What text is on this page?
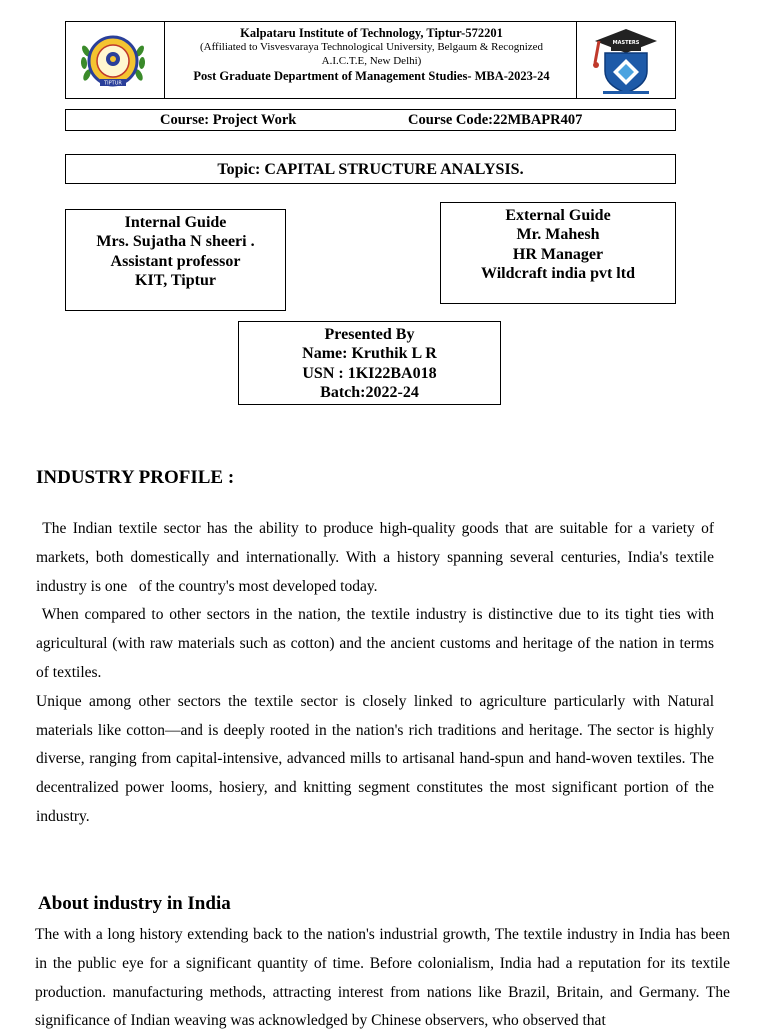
TIPTUR
Kalpataru Institute of Technology, Tiptur-572201
(Affiliated to Visvesvaraya Technological University, Belgaum & Recognized A.I.C.T.E, New Delhi)
Post Graduate Department of Management Studies- MBA-2023-24
MASTERS
Course: Project Work	Course Code:22MBAPR407
Topic: CAPITAL STRUCTURE ANALYSIS.
Internal Guide
Mrs. Sujatha N sheeri .
Assistant professor
KIT, Tiptur
External Guide
Mr. Mahesh
HR Manager
Wildcraft india pvt ltd
Presented By
Name: Kruthik L R
USN : 1KI22BA018
Batch:2022-24
INDUSTRY PROFILE :

The Indian textile sector has the ability to produce high-quality goods that are suitable for a variety of markets, both domestically and internationally. With a history spanning several centuries, India's textile industry is one   of the country's most developed today.

When compared to other sectors in the nation, the textile industry is distinctive due to its tight ties with agricultural (with raw materials such as cotton) and the ancient customs and heritage of the nation in terms of textiles.

Unique among other sectors the textile sector is closely linked to agriculture particularly with Natural materials like cotton—and is deeply rooted in the nation's rich traditions and heritage. The sector is highly diverse, ranging from capital-intensive, advanced mills to artisanal hand-spun and hand-woven textiles. The decentralized power looms, hosiery, and knitting segment constitutes the most significant portion of the industry.

About industry in India

The with a long history extending back to the nation's industrial growth, The textile industry in India has been in the public eye for a significant quantity of time. Before colonialism, India had a reputation for its textile production. manufacturing methods, attracting interest from nations like Brazil, Britain, and Germany. The significance of Indian weaving was acknowledged by Chinese observers, who observed that
